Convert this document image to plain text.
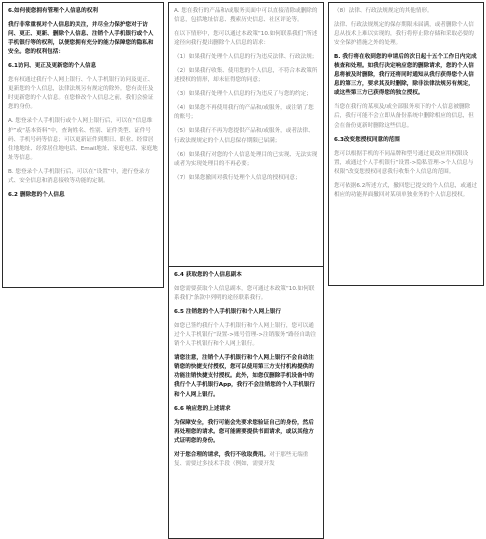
6.如何使您拥有管理个人信息的权利

我行非常重视对个人信息的关注，并尽全力保护您对于访问、更正、更新、删除个人信息、注销个人手机银行或个人手机银行等的权利，以便您拥有充分的能力保障您的隐私和安全。您的权利包括：

6.1访问、更正及更新您的个人信息

您有权通过我行个人网上银行、个人手机银行访问及更正、更新您的个人信息，法律法规另有规定的除外。您有责任及时更新您的个人信息。在您修改个人信息之前，我们会验证您的身份。

A. 您登录个人手机银行或个人网上银行后，可以在“信息维护”或“基本资料”中，查询姓名、性别、证件类型、证件号码、手机号码等信息；可以更新证件到期日、职业、经常居住地地址、经常居住地电话、Email地址、家庭电话、家庭地址等信息。

B. 您登录个人手机银行后，可以在“设置”中，进行登录方式、安全信息和消息接收等功能的定制。

6.2 删除您的个人信息

A. 您在我行的产品和/或服务页面中可以直接清除或删除的信息，包括地址信息、搜索历史信息、社区评论等。

在以下情形中，您可以通过本政策“10.如何联系我们”所述途径向我行提出删除个人信息的请求：

（1）如果我行处理个人信息的行为违反法律、行政法规；

（2）如果我行收集、使用您的个人信息，不符合本政策所述授权的情形，却未征得您的同意；

（3）如果我行处理个人信息的行为违反了与您的约定；

（4）如果您不再使用我行的产品和/或服务，或注销了您的账号；

（5）如果我行不再为您提供产品和/或服务，或者法律、行政法规规定的个人信息保存期限已届满；

（6）如果我行对您的个人信息处理目的已实现、无法实现或者为实现处理目的不再必要；

（7）如果您撤回对我行处理个人信息的授权同意；

（8）法律、行政法规规定的其他情形。

法律、行政法规规定的保存期限未届满，或者删除个人信息从技术上难以实现的，我行将停止除存储和采取必要的安全保护措施之外的处理。

B. 我行将在收到您的申请后的次日起十五个工作日内完成核查和处理。如我行决定响应您的删除请求，您的个人信息将被及时删除，我行还将同时通知从我行获得您个人信息的第三方，要求其及时删除，除非法律法规另有规定，或这些第三方已获得您的独立授权。

当您在我行的某项及/或全部服务项下的个人信息被删除后，我行可能不会立即从备份系统中删除相应的信息，但会在备份更新时删除这些信息。

6.3改变您授权同意的范围

您可以根据手机的不同品牌和型号通过更改应用权限设置，或通过个人手机银行“设置->隐私管理->个人信息与权限”改变您授权同意我行收集个人信息的范围。

您可依据6.2所述方式，撤回您已提交的个人信息，或通过相应的功能界面撤回对某项单独业务的个人信息授权。

6.4 获取您的个人信息副本

如您需要获取个人信息副本，您可通过本政策“10.如何联系我们”条款中列明的途径联系我行。

6.5 注销您的个人手机银行和个人网上银行

如您已签约我行个人手机银行和个人网上银行，您可以通过个人手机银行“设置->账号管理->注销服务”路径自助注销个人手机银行和个人网上银行。

请您注意，注销个人手机银行和个人网上银行不会自动注销您的快捷支付授权，您可以使用第三方支付机构提供的功能注销快捷支付授权。此外，如您仅删除手机设备中的我行个人手机银行App，我行不会注销您的个人手机银行和个人网上银行。

6.6 响应您的上述请求

为保障安全，我行可能会先要求您验证自己的身份，然后再处理您的请求。您可能需要提供书面请求，或以其他方式证明您的身份。

对于您合理的请求，我行不收取费用。对于那些无端重复、需要过多技术手段（例如，需要开发
